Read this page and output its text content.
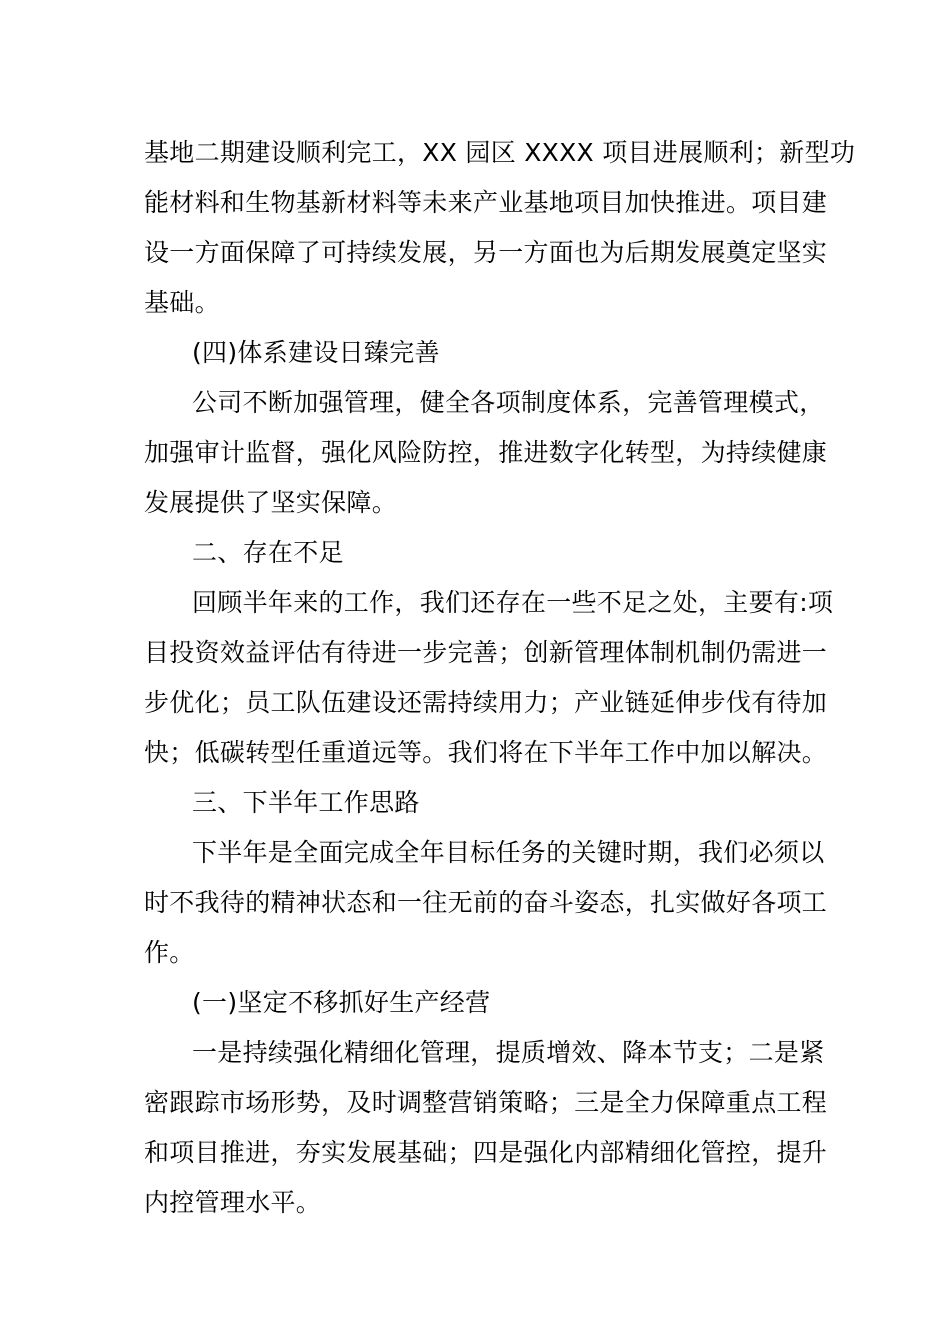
基地二期建设顺利完工，XX 园区 XXXX 项目进展顺利；新型功
能材料和生物基新材料等未来产业基地项目加快推进。项目建
设一方面保障了可持续发展，另一方面也为后期发展奠定坚实
基础。
(四)体系建设日臻完善
公司不断加强管理，健全各项制度体系，完善管理模式，
加强审计监督，强化风险防控，推进数字化转型，为持续健康
发展提供了坚实保障。
二、存在不足
回顾半年来的工作，我们还存在一些不足之处，主要有:项
目投资效益评估有待进一步完善；创新管理体制机制仍需进一
步优化；员工队伍建设还需持续用力；产业链延伸步伐有待加
快；低碳转型任重道远等。我们将在下半年工作中加以解决。
三、下半年工作思路
下半年是全面完成全年目标任务的关键时期，我们必须以
时不我待的精神状态和一往无前的奋斗姿态，扎实做好各项工
作。
(一)坚定不移抓好生产经营
一是持续强化精细化管理，提质增效、降本节支；二是紧
密跟踪市场形势，及时调整营销策略；三是全力保障重点工程
和项目推进，夯实发展基础；四是强化内部精细化管控，提升
内控管理水平。
